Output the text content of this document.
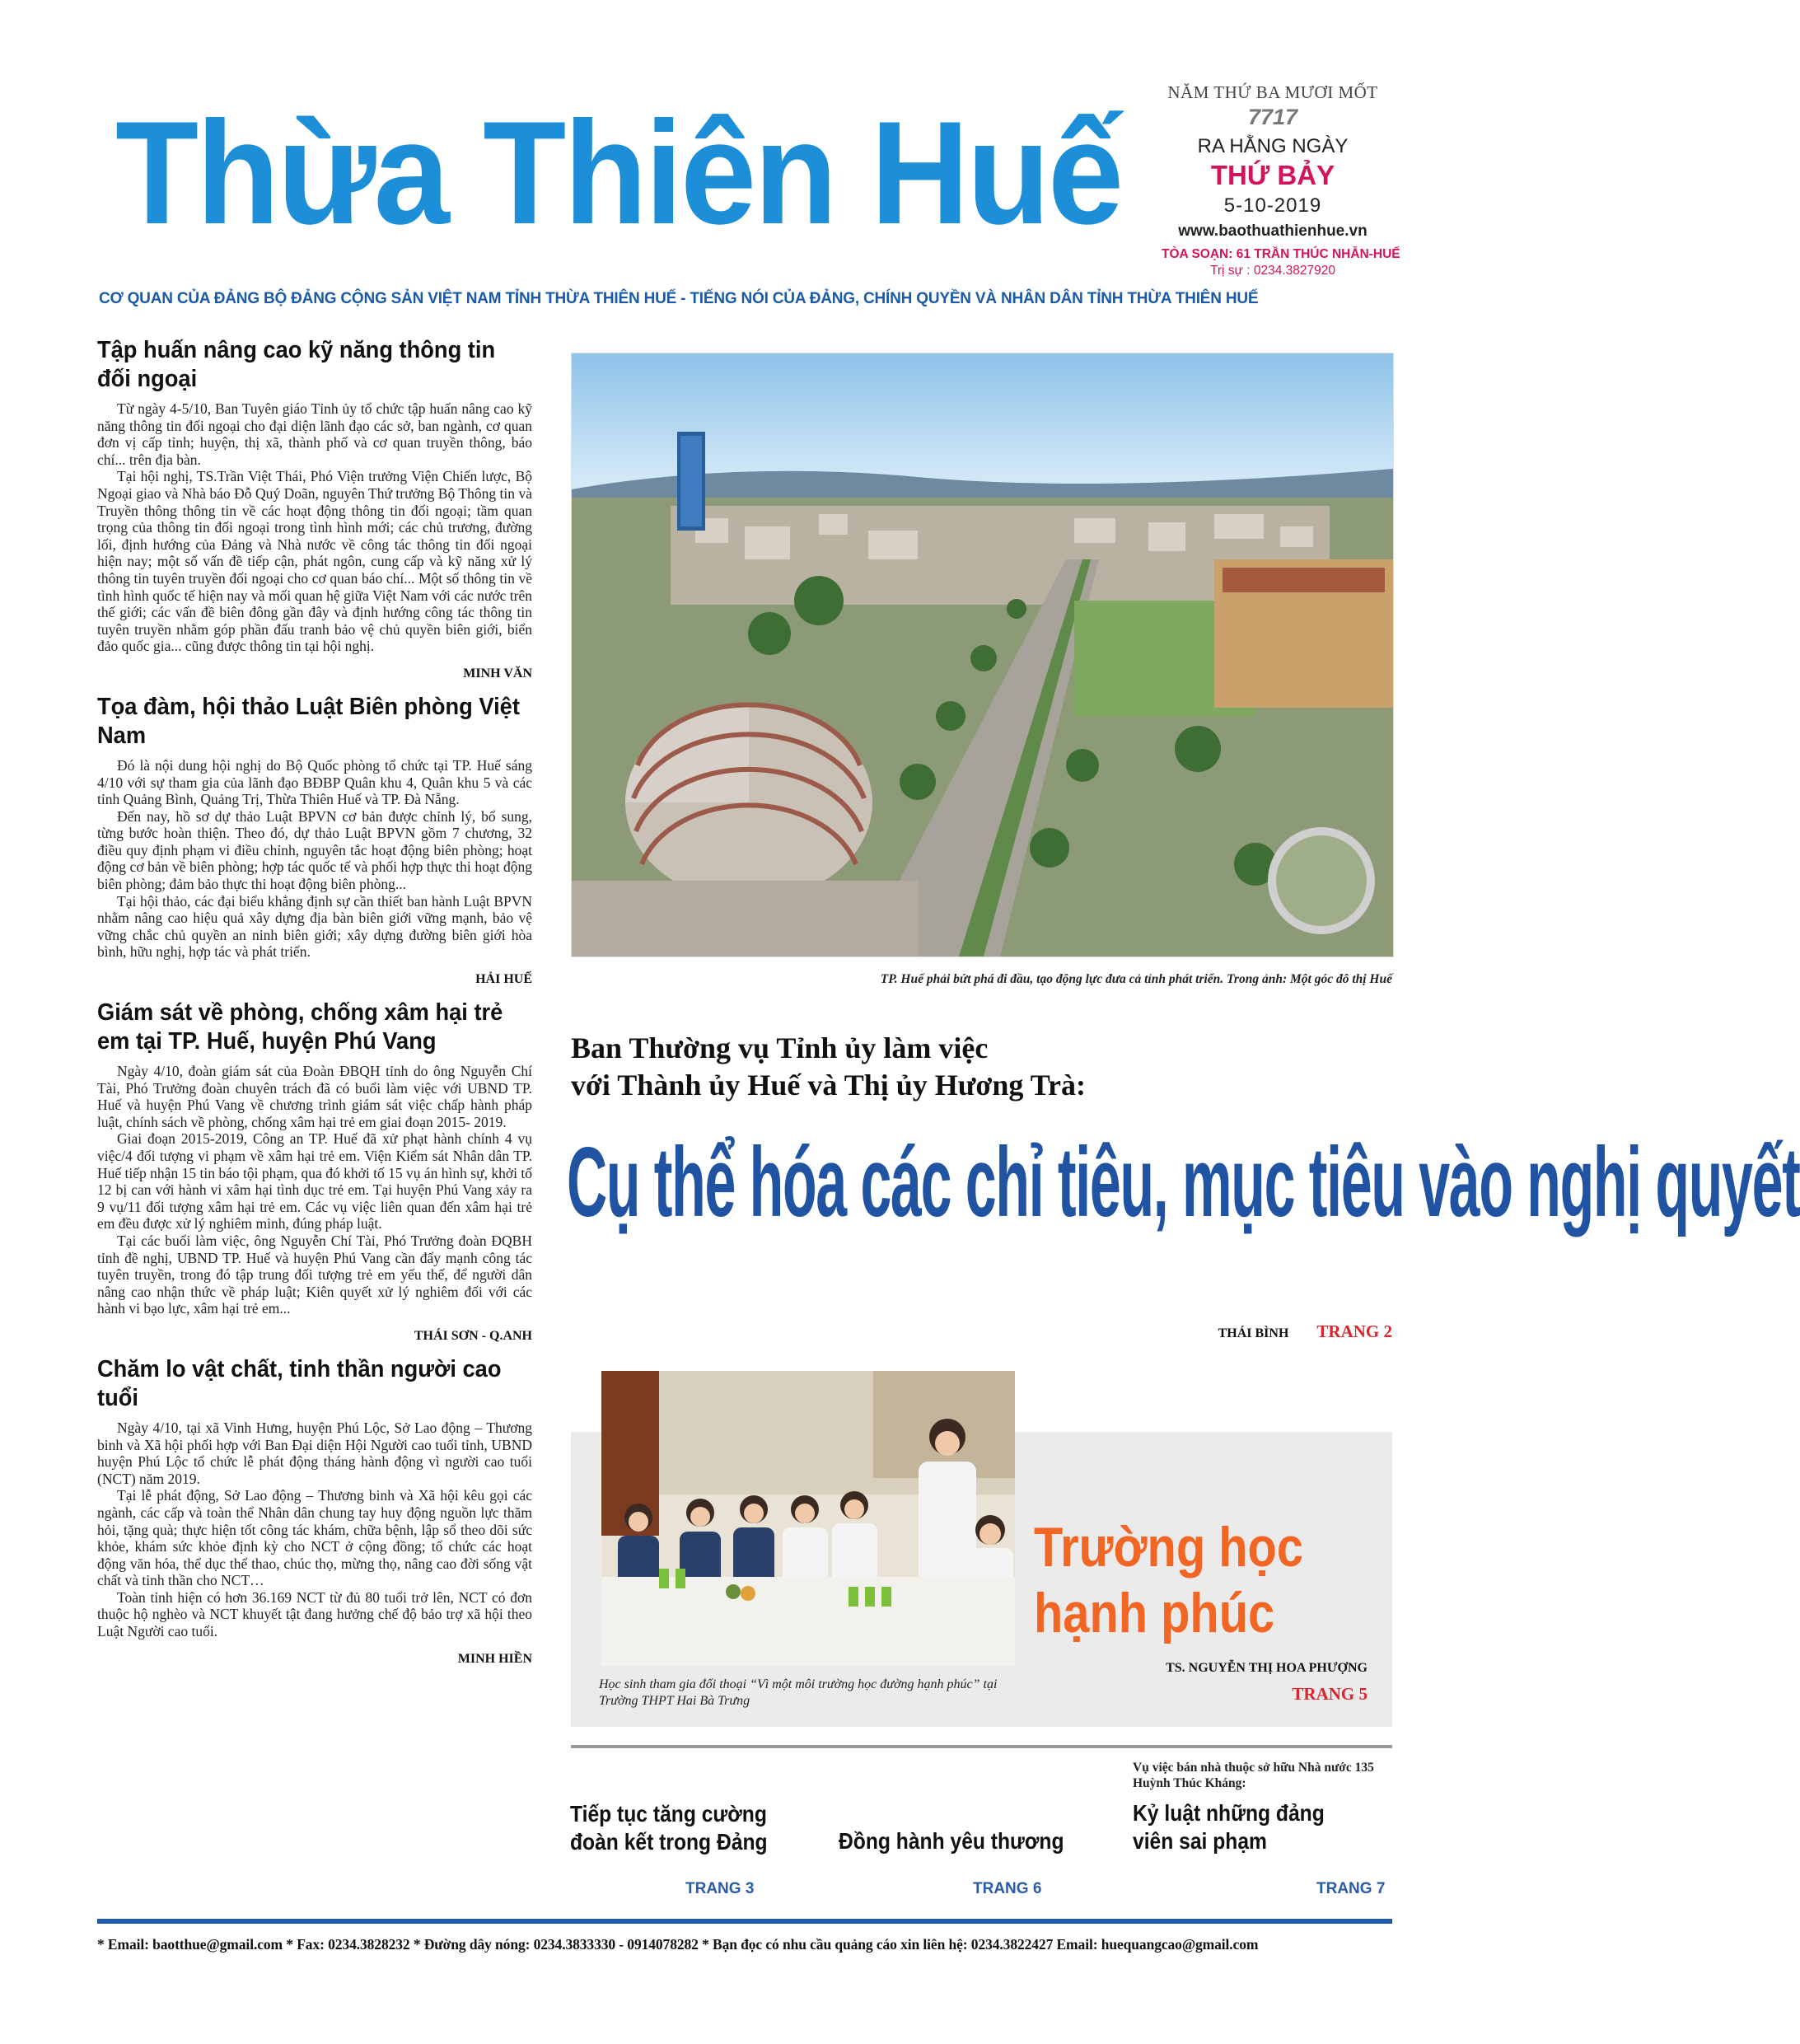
Thừa Thiên Huế
CƠ QUAN CỦA ĐẢNG BỘ ĐẢNG CỘNG SẢN VIỆT NAM TỈNH THỪA THIÊN HUẾ - TIẾNG NÓI CỦA ĐẢNG, CHÍNH QUYỀN VÀ NHÂN DÂN TỈNH THỪA THIÊN HUẾ
NĂM THỨ BA MƯƠI MỐT
7717
RA HẰNG NGÀY
THỨ BẢY
5-10-2019
www.baothuathienhue.vn
TÒA SOẠN: 61 TRẦN THÚC NHẪN-HUẾ
Trị sự : 0234.3827920
Tập huấn nâng cao kỹ năng thông tin đối ngoại

Từ ngày 4-5/10, Ban Tuyên giáo Tỉnh ủy tổ chức tập huấn nâng cao kỹ năng thông tin đối ngoại cho đại diện lãnh đạo các sở, ban ngành, cơ quan đơn vị cấp tỉnh; huyện, thị xã, thành phố và cơ quan truyền thông, báo chí... trên địa bàn.

Tại hội nghị, TS.Trần Việt Thái, Phó Viện trưởng Viện Chiến lược, Bộ Ngoại giao và Nhà báo Đỗ Quý Doãn, nguyên Thứ trưởng Bộ Thông tin và Truyền thông thông tin về các hoạt động thông tin đối ngoại; tầm quan trọng của thông tin đối ngoại trong tình hình mới; các chủ trương, đường lối, định hướng của Đảng và Nhà nước về công tác thông tin đối ngoại hiện nay; một số vấn đề tiếp cận, phát ngôn, cung cấp và kỹ năng xử lý thông tin tuyên truyền đối ngoại cho cơ quan báo chí... Một số thông tin về tình hình quốc tế hiện nay và mối quan hệ giữa Việt Nam với các nước trên thế giới; các vấn đề biên đông gần đây và định hướng công tác thông tin tuyên truyền nhằm góp phần đấu tranh bảo vệ chủ quyền biên giới, biển đảo quốc gia... cũng được thông tin tại hội nghị.

MINH VĂN
Tọa đàm, hội thảo Luật Biên phòng Việt Nam

Đó là nội dung hội nghị do Bộ Quốc phòng tổ chức tại TP. Huế sáng 4/10 với sự tham gia của lãnh đạo BĐBP Quân khu 4, Quân khu 5 và các tỉnh Quảng Bình, Quảng Trị, Thừa Thiên Huế và TP. Đà Nẵng.

Đến nay, hồ sơ dự thảo Luật BPVN cơ bản được chỉnh lý, bổ sung, từng bước hoàn thiện. Theo đó, dự thảo Luật BPVN gồm 7 chương, 32 điều quy định phạm vi điều chỉnh, nguyên tắc hoạt động biên phòng; hoạt động cơ bản về biên phòng; hợp tác quốc tế và phối hợp thực thi hoạt động biên phòng; đảm bảo thực thi hoạt động biên phòng...

Tại hội thảo, các đại biểu khẳng định sự cần thiết ban hành Luật BPVN nhằm nâng cao hiệu quả xây dựng địa bàn biên giới vững mạnh, bảo vệ vững chắc chủ quyền an ninh biên giới; xây dựng đường biên giới hòa bình, hữu nghị, hợp tác và phát triển.

HẢI HUẾ
Giám sát về phòng, chống xâm hại trẻ em tại TP. Huế, huyện Phú Vang

Ngày 4/10, đoàn giám sát của Đoàn ĐBQH tỉnh do ông Nguyễn Chí Tài, Phó Trưởng đoàn chuyên trách đã có buổi làm việc với UBND TP. Huế và huyện Phú Vang về chương trình giám sát việc chấp hành pháp luật, chính sách về phòng, chống xâm hại trẻ em giai đoạn 2015- 2019.

Giai đoạn 2015-2019, Công an TP. Huế đã xử phạt hành chính 4 vụ việc/4 đối tượng vi phạm về xâm hại trẻ em. Viện Kiểm sát Nhân dân TP. Huế tiếp nhận 15 tin báo tội phạm, qua đó khởi tố 15 vụ án hình sự, khởi tố 12 bị can với hành vi xâm hại tình dục trẻ em. Tại huyện Phú Vang xảy ra 9 vụ/11 đối tượng xâm hại trẻ em. Các vụ việc liên quan đến xâm hại trẻ em đều được xử lý nghiêm minh, đúng pháp luật.

Tại các buổi làm việc, ông Nguyễn Chí Tài, Phó Trưởng đoàn ĐQBH tỉnh đề nghị, UBND TP. Huế và huyện Phú Vang cần đẩy mạnh công tác tuyên truyền, trong đó tập trung đối tượng trẻ em yếu thế, để người dân nâng cao nhận thức về pháp luật; Kiên quyết xử lý nghiêm đối với các hành vi bạo lực, xâm hại trẻ em...

THÁI SƠN - Q.ANH
Chăm lo vật chất, tinh thần người cao tuổi

Ngày 4/10, tại xã Vinh Hưng, huyện Phú Lộc, Sở Lao động – Thương binh và Xã hội phối hợp với Ban Đại diện Hội Người cao tuổi tỉnh, UBND huyện Phú Lộc tổ chức lễ phát động tháng hành động vì người cao tuổi (NCT) năm 2019.

Tại lễ phát động, Sở Lao động – Thương binh và Xã hội kêu gọi các ngành, các cấp và toàn thể Nhân dân chung tay huy động nguồn lực thăm hỏi, tặng quà; thực hiện tốt công tác khám, chữa bệnh, lập sổ theo dõi sức khỏe, khám sức khỏe định kỳ cho NCT ở cộng đồng; tổ chức các hoạt động văn hóa, thể dục thể thao, chúc thọ, mừng thọ, nâng cao đời sống vật chất và tinh thần cho NCT…

Toàn tỉnh hiện có hơn 36.169 NCT từ đủ 80 tuổi trở lên, NCT có đơn thuộc hộ nghèo và NCT khuyết tật đang hưởng chế độ bảo trợ xã hội theo Luật Người cao tuổi.

MINH HIỀN
TP. Huế phải bứt phá đi đầu, tạo động lực đưa cả tỉnh phát triển. Trong ảnh: Một góc đô thị Huế
Ban Thường vụ Tỉnh ủy làm việc
với Thành ủy Huế và Thị ủy Hương Trà:
Cụ thể hóa các chỉ tiêu, mục tiêu vào nghị quyết
THÁI BÌNH TRANG 2
Trường học
hạnh phúc
Học sinh tham gia đối thoại “Vì một môi trường học đường hạnh phúc” tại Trường THPT Hai Bà Trưng
TS. NGUYỄN THỊ HOA PHƯỢNG
TRANG 5
Tiếp tục tăng cường đoàn kết trong Đảng	Đồng hành yêu thương
Vụ việc bán nhà thuộc sở hữu Nhà nước 135 Huỳnh Thúc Kháng:
Kỷ luật những đảng viên sai phạm
TRANG 3	TRANG 6	TRANG 7
* Email: baotthue@gmail.com * Fax: 0234.3828232 * Đường dây nóng: 0234.3833330 - 0914078282 * Bạn đọc có nhu cầu quảng cáo xin liên hệ: 0234.3822427 Email: huequangcao@gmail.com
